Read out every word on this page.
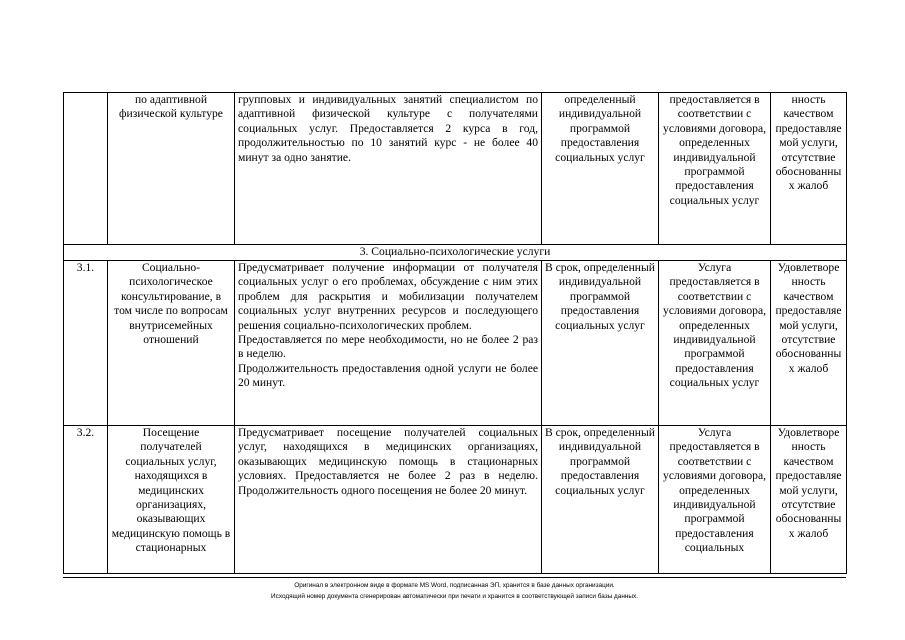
	по адаптивной физической культуре	групповых и индивидуальных занятий специалистом по адаптивной физической культуре с получателями социальных услуг. Предоставляется 2 курса в год, продолжительностью по 10 занятий курс - не более 40 минут за одно занятие.	определенный индивидуальной программой предоставления социальных услуг	предоставляется в соответствии с условиями договора, определенных индивидуальной программой предоставления социальных услуг	нность качеством предоставляе мой услуги, отсутствие обоснованны х жалоб
3. Социально-психологические услуги					
3.1.	Социально-психологическое консультирование, в том числе по вопросам внутрисемейных отношений	Предусматривает получение информации от получателя социальных услуг о его проблемах, обсуждение с ним этих проблем для раскрытия и мобилизации получателем социальных услуг внутренних ресурсов и последующего решения социально-психологических проблем.

Предоставляется по мере необходимости, но не более 2 раз в неделю.

Продолжительность предоставления одной услуги не более 20 минут.	В срок, определенный индивидуальной программой предоставления социальных услуг	Услуга предоставляется в соответствии с условиями договора, определенных индивидуальной программой предоставления социальных услуг	Удовлетворе нность качеством предоставляе мой услуги, отсутствие обоснованны х жалоб
3.2.	Посещение получателей социальных услуг, находящихся в медицинских организациях, оказывающих медицинскую помощь в стационарных	Предусматривает посещение получателей социальных услуг, находящихся в медицинских организациях, оказывающих медицинскую помощь в стационарных условиях. Предоставляется не более 2 раз в неделю. Продолжительность одного посещения не более 20 минут.	В срок, определенный индивидуальной программой предоставления социальных услуг	Услуга предоставляется в соответствии с условиями договора, определенных индивидуальной программой предоставления социальных	Удовлетворе нность качеством предоставляе мой услуги, отсутствие обоснованны х жалоб
Оригинал в электронном виде в формате MS Word, подписанная ЭП, хранится в базе данных организации.
Исходящий номер документа сгенерирован автоматически при печати и хранится в соответствующей записи базы данных.
